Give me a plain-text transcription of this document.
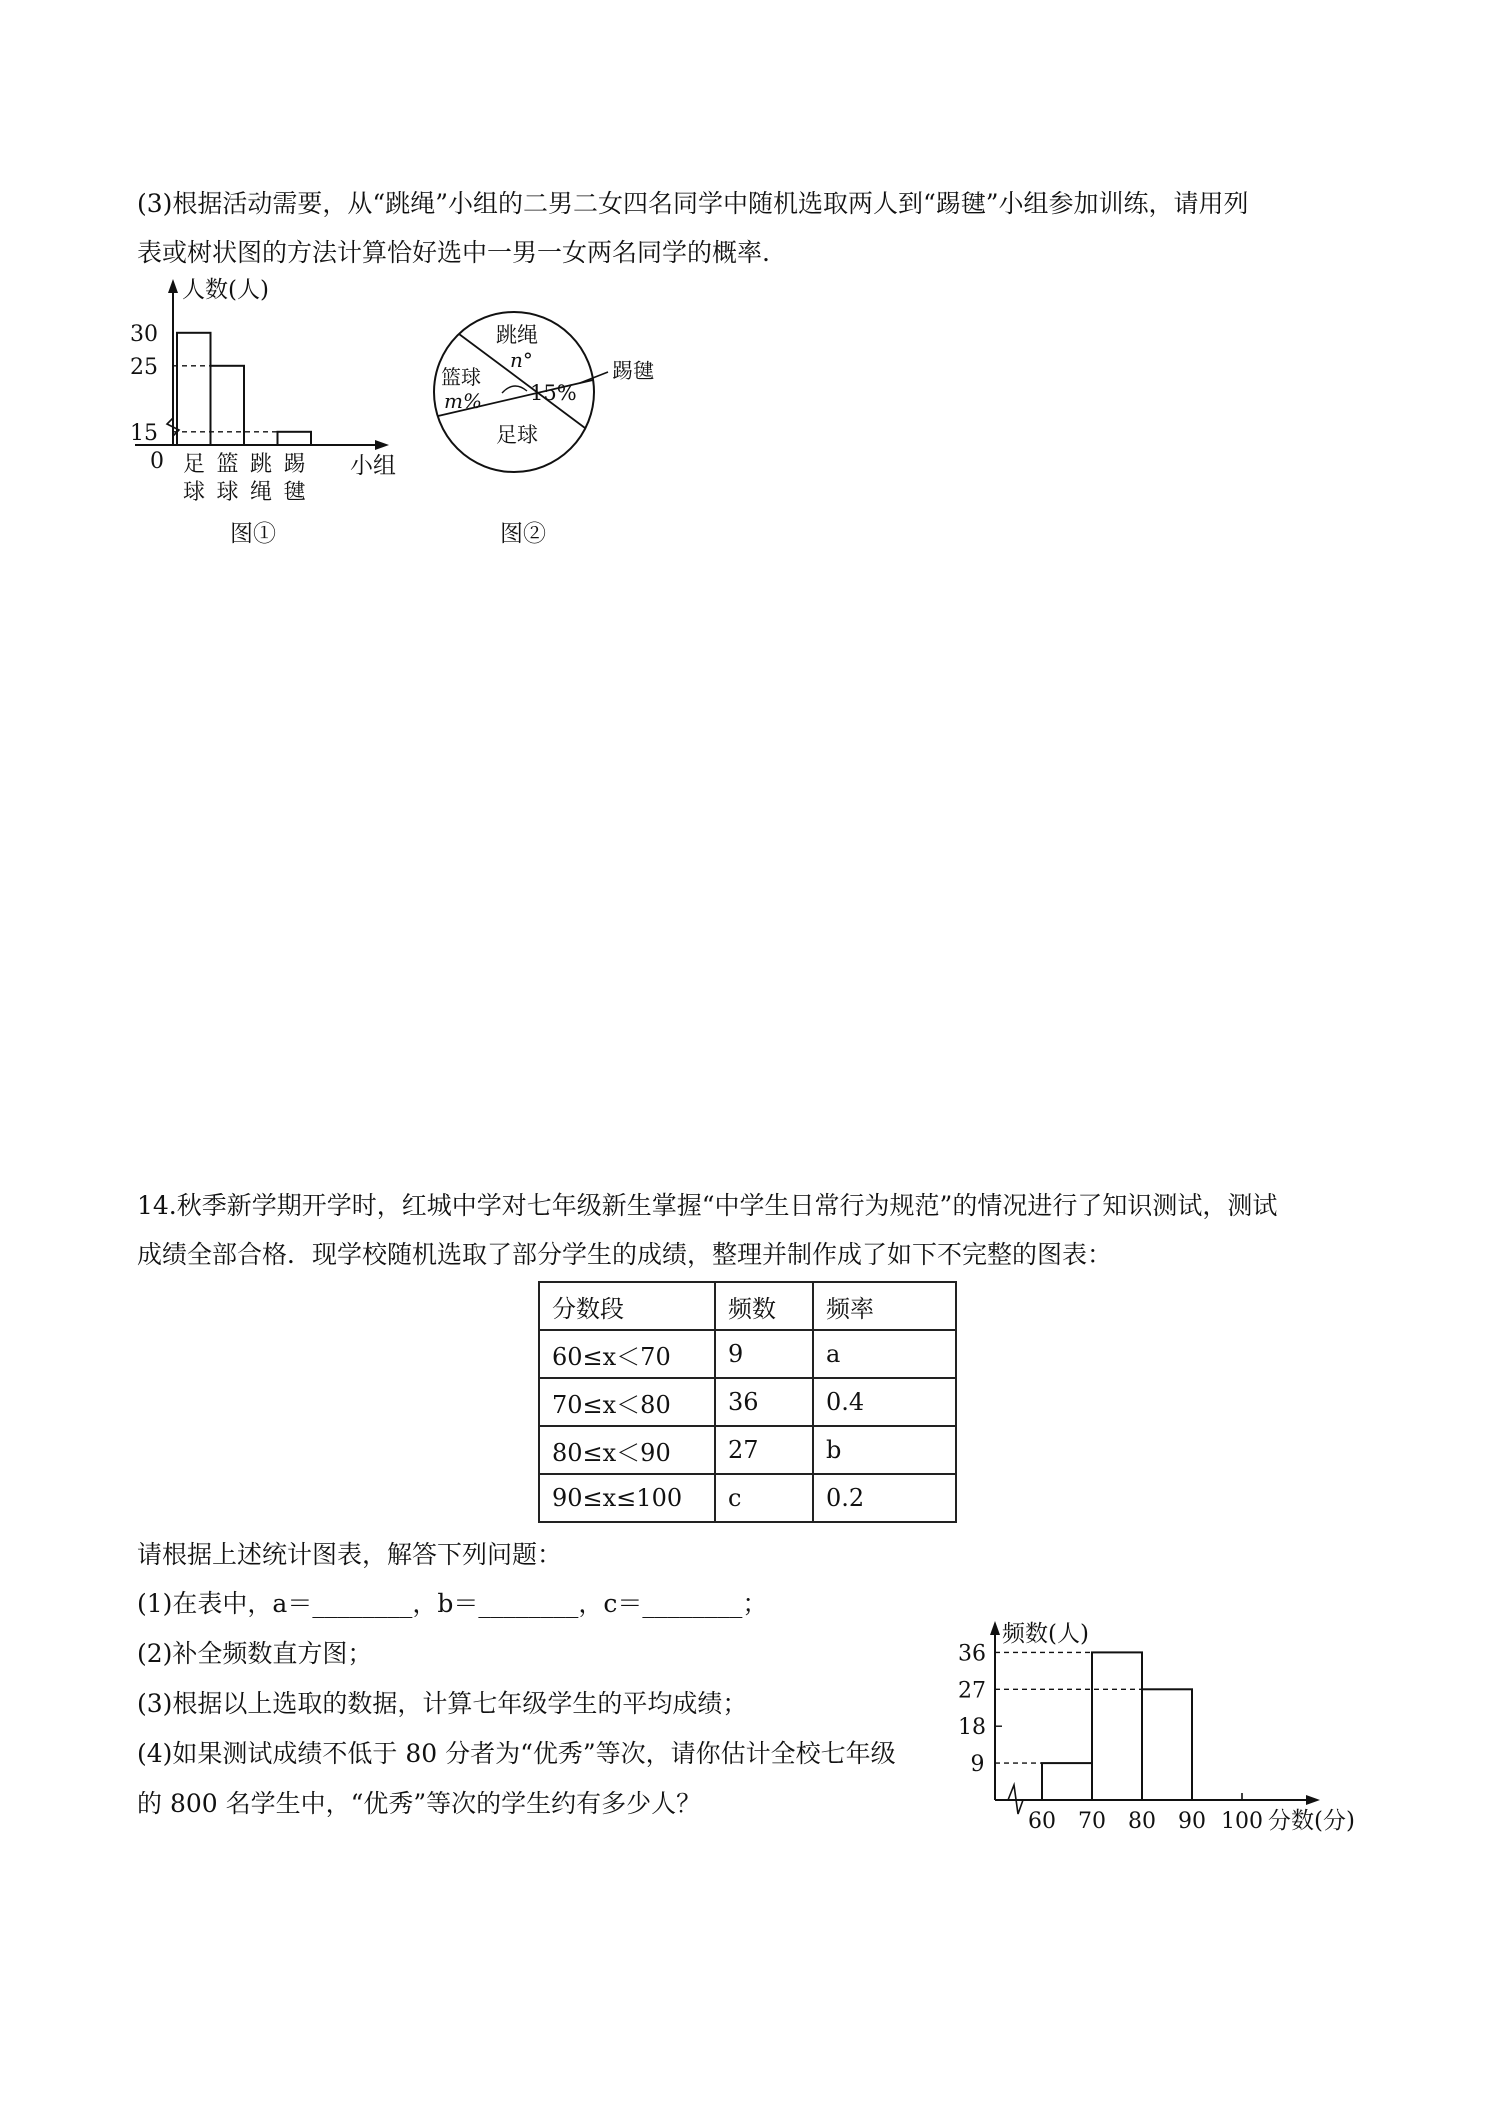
(3)根据活动需要，从“跳绳”小组的二男二女四名同学中随机选取两人到“踢毽”小组参加训练，请用列
表或树状图的方法计算恰好选中一男一女两名同学的概率.
人数(人)
小组
0 足
球
篮
球
跳
绳
踢
毽
30
25
15
图①
跳绳
n°
篮球
m%
足球
15%
踢毽
图②
14.秋季新学期开学时，红城中学对七年级新生掌握“中学生日常行为规范”的情况进行了知识测试，测试
成绩全部合格．现学校随机选取了部分学生的成绩，整理并制作成了如下不完整的图表：
分数段	频数	频率
60≤x＜70	9	a
70≤x＜80	36	0.4
80≤x＜90	27	b
90≤x≤100	c	0.2
请根据上述统计图表，解答下列问题：
(1)在表中，a＝________，b＝________，c＝________；
(2)补全频数直方图；
(3)根据以上选取的数据，计算七年级学生的平均成绩；
(4)如果测试成绩不低于 80 分者为“优秀”等次，请你估计全校七年级
的 800 名学生中，“优秀”等次的学生约有多少人？
频数(人)
分数(分)
60 70 80 90 100
36
27
18
9
